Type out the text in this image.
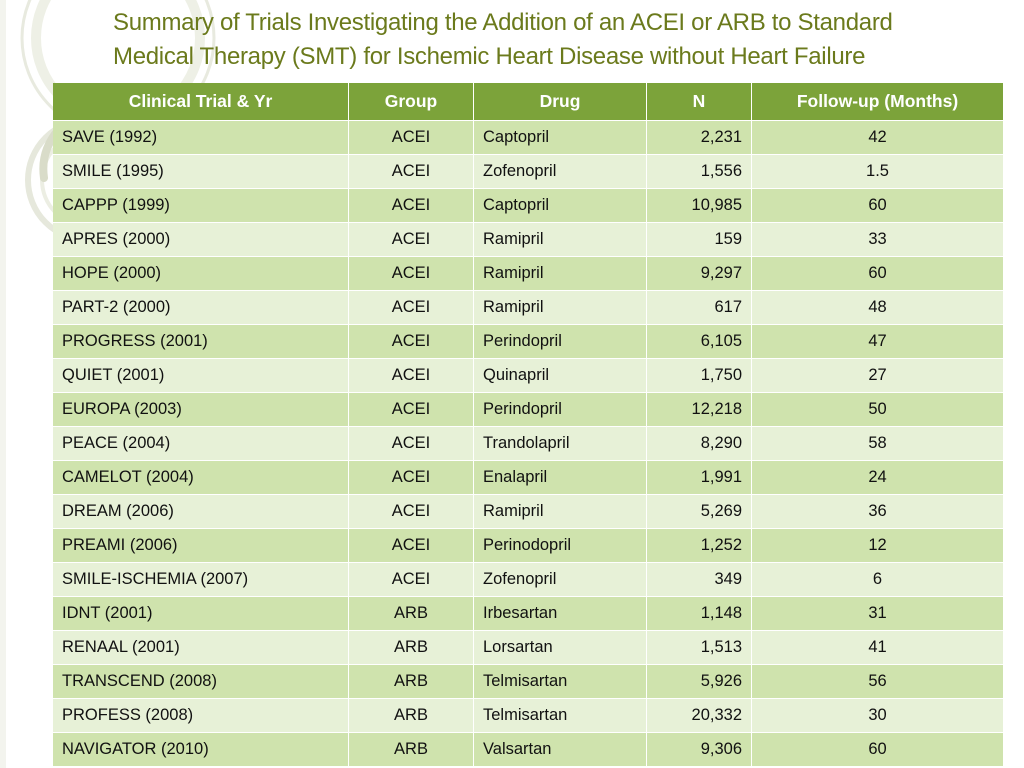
Summary of Trials Investigating the Addition of an ACEI or ARB to Standard
Medical Therapy (SMT) for Ischemic Heart Disease without Heart Failure
Clinical Trial & Yr	Group	Drug	N	Follow-up (Months)
SAVE (1992)	ACEI	Captopril	2,231	42
SMILE (1995)	ACEI	Zofenopril	1,556	1.5
CAPPP (1999)	ACEI	Captopril	10,985	60
APRES (2000)	ACEI	Ramipril	159	33
HOPE (2000)	ACEI	Ramipril	9,297	60
PART-2 (2000)	ACEI	Ramipril	617	48
PROGRESS (2001)	ACEI	Perindopril	6,105	47
QUIET (2001)	ACEI	Quinapril	1,750	27
EUROPA (2003)	ACEI	Perindopril	12,218	50
PEACE (2004)	ACEI	Trandolapril	8,290	58
CAMELOT (2004)	ACEI	Enalapril	1,991	24
DREAM (2006)	ACEI	Ramipril	5,269	36
PREAMI (2006)	ACEI	Perinodopril	1,252	12
SMILE-ISCHEMIA (2007)	ACEI	Zofenopril	349	6
IDNT (2001)	ARB	Irbesartan	1,148	31
RENAAL (2001)	ARB	Lorsartan	1,513	41
TRANSCEND (2008)	ARB	Telmisartan	5,926	56
PROFESS (2008)	ARB	Telmisartan	20,332	30
NAVIGATOR (2010)	ARB	Valsartan	9,306	60
